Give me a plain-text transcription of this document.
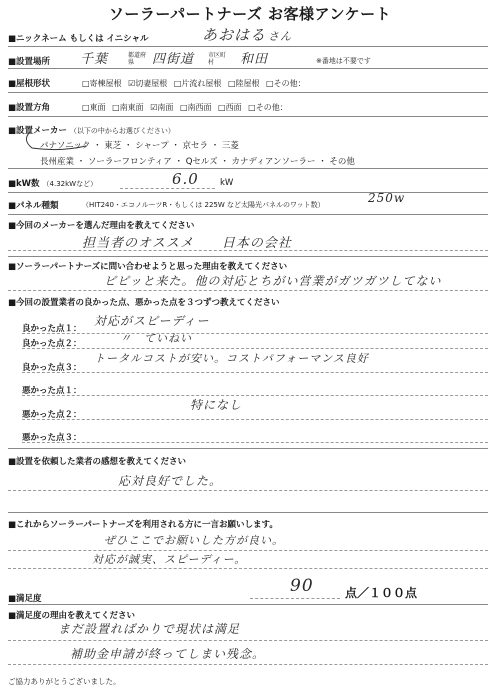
ソーラーパートナーズ お客様アンケート
■ニックネーム もしくは イニシャル	あおはる さん
■設置場所 千葉	都道府県	四街道 市区町村	和田	※番地は不要です
■屋根形状	□寄棟屋根 ☑切妻屋根 □片流れ屋根 □陸屋根 □その他：
■設置方角	□東面 □南東面 ☑南面 □南西面 □西面 □その他：
■設置メーカー （以下の中からお選びください）
パナソニック ・ 東芝 ・ シャープ ・ 京セラ ・ 三菱
長州産業 ・ ソーラーフロンティア ・ Qセルズ ・ カナディアンソーラー ・ その他
■kW数 （4.32kWなど）	6.0 kW
■パネル種類	（HIT240・エコノルーツR・もしくは 225W など太陽光パネルのワット数）	250w
■今回のメーカーを選んだ理由を教えてください
担当者のオススメ　　日本の会社
■ソーラーパートナーズに問い合わせようと思った理由を教えてください
ピピッと来た。他の対応とちがい営業がガツガツしてない
■今回の設置業者の良かった点、悪かった点を３つずつ教えてください
良かった点１：
対応がスピーディー
良かった点２：	〃　ていねい
良かった点３：
トータルコストが安い。コストパフォーマンス良好
悪かった点１：
悪かった点２：
特になし
悪かった点３：
■設置を依頼した業者の感想を教えてください
応対良好でした。
■これからソーラーパートナーズを利用される方に一言お願いします。
ぜひここでお願いした方が良い。
対応が誠実、スピーディー。
■満足度
90	点／１００点
■満足度の理由を教えてください
まだ設置ればかりで現状は満足
補助金申請が終ってしまい残念。
ご協力ありがとうございました。
